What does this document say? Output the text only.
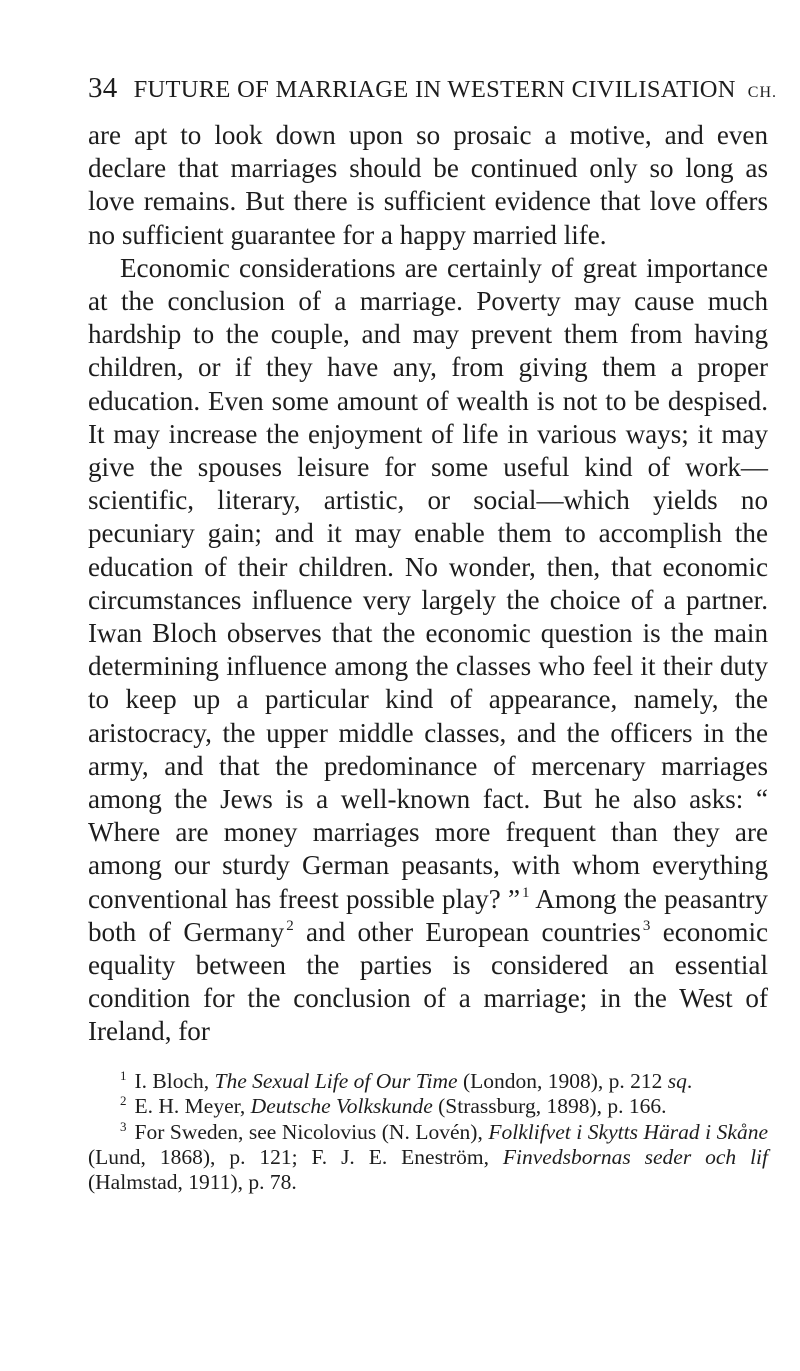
34 FUTURE OF MARRIAGE IN WESTERN CIVILISATION CH.

are apt to look down upon so prosaic a motive, and even declare that marriages should be continued only so long as love remains. But there is sufficient evidence that love offers no sufficient guarantee for a happy married life.

Economic considerations are certainly of great importance at the conclusion of a marriage. Poverty may cause much hardship to the couple, and may prevent them from having children, or if they have any, from giving them a proper education. Even some amount of wealth is not to be despised. It may increase the enjoyment of life in various ways; it may give the spouses leisure for some useful kind of work—scientific, literary, artistic, or social—which yields no pecuniary gain; and it may enable them to accomplish the education of their children. No wonder, then, that economic circumstances influence very largely the choice of a partner. Iwan Bloch observes that the economic question is the main determining influence among the classes who feel it their duty to keep up a particular kind of appearance, namely, the aristocracy, the upper middle classes, and the officers in the army, and that the predominance of mercenary marriages among the Jews is a well-known fact. But he also asks: “ Where are money marriages more frequent than they are among our sturdy German peasants, with whom everything conventional has freest possible play? ” $^1$ Among the peasantry both of Germany $^2$ and other European countries $^3$ economic equality between the parties is considered an essential condition for the conclusion of a marriage; in the West of Ireland, for

$^1$ I. Bloch, The Sexual Life of Our Time (London, 1908), p. 212 sq.

$^2$ E. H. Meyer, Deutsche Volkskunde (Strassburg, 1898), p. 166.

$^3$ For Sweden, see Nicolovius (N. Lovén), Folklifvet i Skytts Härad i Skåne (Lund, 1868), p. 121; F. J. E. Eneström, Finvedsbornas seder och lif (Halmstad, 1911), p. 78.
